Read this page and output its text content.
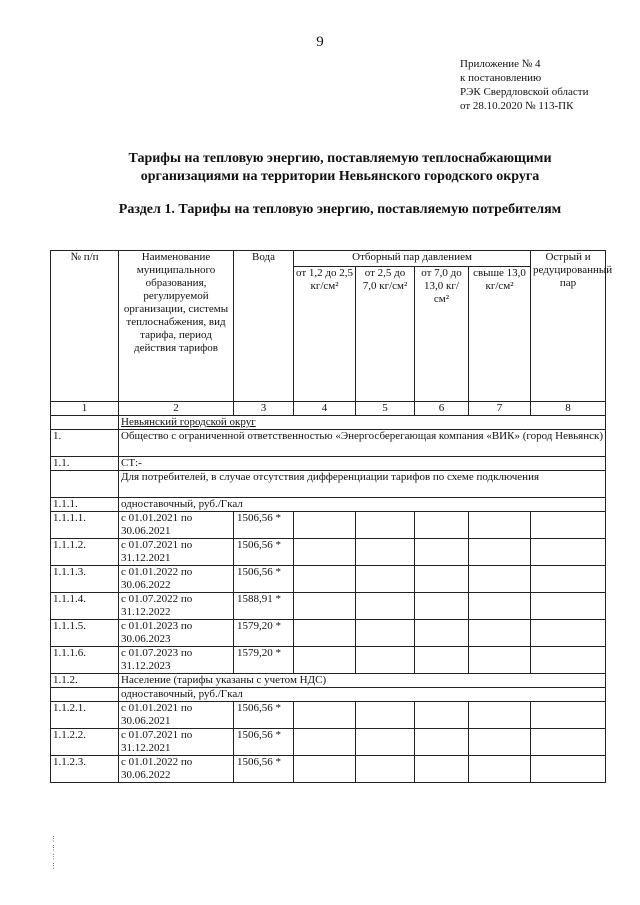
9
Приложение № 4
к постановлению
РЭК Свердловской области
от 28.10.2020 № 113-ПК
Тарифы на тепловую энергию, поставляемую теплоснабжающими
организациями на территории Невьянского городского округа
Раздел 1. Тарифы на тепловую энергию, поставляемую потребителям
№ п/п	Наименование муниципального образования, регулируемой организации, системы теплоснабжения, вид тарифа, период действия тарифов	Вода	Отборный пар давлением				Острый и редуцированный пар
			от 1,2 до 2,5 кг/см²	от 2,5 до 7,0 кг/см²	от 7,0 до 13,0 кг/см²	свыше 13,0 кг/см²	
1	2	3	4	5	6	7	8
	Невьянский городской округ						
1.	Общество с ограниченной ответственностью «Энергосберегающая компания «ВИК» (город Невьянск)						
1.1.	СТ:-						
	Для потребителей, в случае отсутствия дифференциации тарифов по схеме подключения						
1.1.1.	одноставочный, руб./Гкал						
1.1.1.1.	с 01.01.2021 по 30.06.2021	1506,56 *					
1.1.1.2.	с 01.07.2021 по 31.12.2021	1506,56 *					
1.1.1.3.	с 01.01.2022 по 30.06.2022	1506,56 *					
1.1.1.4.	с 01.07.2022 по 31.12.2022	1588,91 *					
1.1.1.5.	с 01.01.2023 по 30.06.2023	1579,20 *					
1.1.1.6.	с 01.07.2023 по 31.12.2023	1579,20 *					
1.1.2.	Население (тарифы указаны с учетом НДС)						
	одноставочный, руб./Гкал						
1.1.2.1.	с 01.01.2021 по 30.06.2021	1506,56 *					
1.1.2.2.	с 01.07.2021 по 31.12.2021	1506,56 *					
1.1.2.3.	с 01.01.2022 по 30.06.2022	1506,56 *					
⋮
⋮
⋮
⋮
